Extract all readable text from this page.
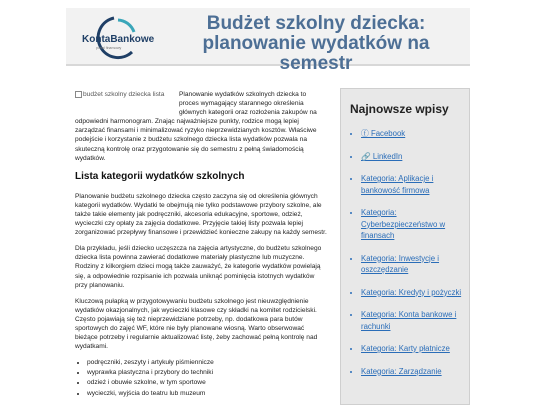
KontaBankowe
portal finansowy
Budżet szkolny dziecka:
planowanie wydatków na semestr

budżet szkolny dziecka lista	Planowanie wydatków szkolnych dziecka to proces wymagający starannego określenia głównych kategorii oraz rozłożenia zakupów na odpowiedni harmonogram. Znając najważniejsze punkty, rodzice mogą lepiej zarządzać finansami i minimalizować ryzyko nieprzewidzianych kosztów. Właściwe podejście i korzystanie z budżetu szkolnego dziecka lista wydatków pozwala na skuteczną kontrolę oraz przygotowanie się do semestru z pełną świadomością wydatków.

Lista kategorii wydatków szkolnych

Planowanie budżetu szkolnego dziecka często zaczyna się od określenia głównych kategorii wydatków. Wydatki te obejmują nie tylko podstawowe przybory szkolne, ale także takie elementy jak podręczniki, akcesoria edukacyjne, sportowe, odzież, wycieczki czy opłaty za zajęcia dodatkowe. Przyjęcie takiej listy pozwala lepiej zorganizować przepływy finansowe i przewidzieć konieczne zakupy na każdy semestr.

Dla przykładu, jeśli dziecko uczęszcza na zajęcia artystyczne, do budżetu szkolnego dziecka lista powinna zawierać dodatkowe materiały plastyczne lub muzyczne. Rodziny z kilkorgiem dzieci mogą także zauważyć, że kategorie wydatków powielają się, a odpowiednie rozpisanie ich pozwala uniknąć pominięcia istotnych wydatków przy planowaniu.

Kluczową pułapką w przygotowywaniu budżetu szkolnego jest nieuwzględnienie wydatków okazjonalnych, jak wycieczki klasowe czy składki na komitet rodzicielski. Często pojawiają się też nieprzewidziane potrzeby, np. dodatkowa para butów sportowych do zajęć WF, które nie były planowane wiosną. Warto obserwować bieżące potrzeby i regularnie aktualizować listę, żeby zachować pełną kontrolę nad wydatkami.

• podręczniki, zeszyty i artykuły piśmiennicze
• wyprawka plastyczna i przybory do techniki
• odzież i obuwie szkolne, w tym sportowe
• wycieczki, wyjścia do teatru lub muzeum
Najnowsze wpisy
• ⓕ Facebook
• 🔗 LinkedIn
• Kategoria: Aplikacje i bankowość firmowa
• Kategoria: Cyberbezpieczeństwo w finansach
• Kategoria: Inwestycje i oszczędzanie
• Kategoria: Kredyty i pożyczki
• Kategoria: Konta bankowe i rachunki
• Kategoria: Karty płatnicze
• Kategoria: Zarządzanie
